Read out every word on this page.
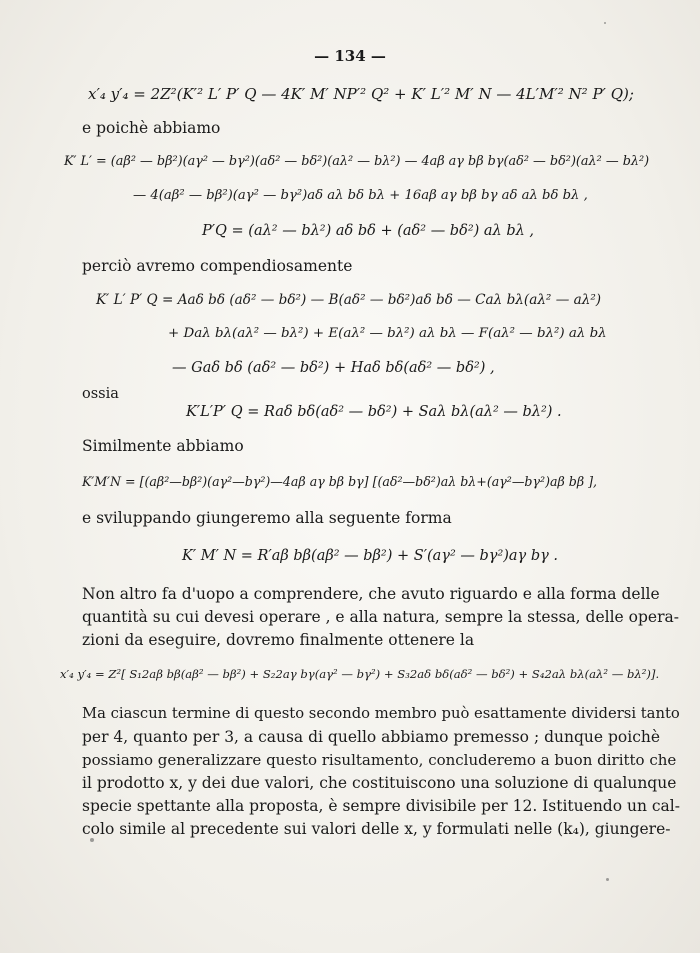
— 134 —
x′₄ y′₄ = 2Z²(K′² L′ P′ Q — 4K′ M′ NP′² Q² + K′ L′² M′ N — 4L′M′² N² P′ Q);
e poichè abbiamo
K′ L′ = (aβ² — bβ²)(aγ² — bγ²)(aδ² — bδ²)(aλ² — bλ²) — 4aβ aγ bβ bγ(aδ² — bδ²)(aλ² — bλ²)
— 4(aβ² — bβ²)(aγ² — bγ²)aδ aλ bδ bλ + 16aβ aγ bβ bγ aδ aλ bδ bλ ,
P′Q = (aλ² — bλ²) aδ bδ + (aδ² — bδ²) aλ bλ ,
perciò avremo compendiosamente
K′ L′ P′ Q = Aaδ bδ (aδ² — bδ²) — B(aδ² — bδ²)aδ bδ — Caλ bλ(aλ² — aλ²)
+ Daλ bλ(aλ² — bλ²) + E(aλ² — bλ²) aλ bλ — F(aλ² — bλ²) aλ bλ
— Gaδ bδ (aδ² — bδ²) + Haδ bδ(aδ² — bδ²) ,
ossia
K′L′P′ Q = Raδ bδ(aδ² — bδ²) + Saλ bλ(aλ² — bλ²) .
Similmente abbiamo
K′M′N = [(aβ²—bβ²)(aγ²—bγ²)—4aβ aγ bβ bγ] [(aδ²—bδ²)aλ bλ+(aγ²—bγ²)aβ bβ ],
e sviluppando giungeremo alla seguente forma
K′ M′ N = R′aβ bβ(aβ² — bβ²) + S′(aγ² — bγ²)aγ bγ .
Non altro fa d'uopo a comprendere, che avuto riguardo e alla forma delle
quantità su cui devesi operare , e alla natura, sempre la stessa, delle opera-
zioni da eseguire, dovremo finalmente ottenere la
x′₄ y′₄ = Z²[ S₁2aβ bβ(aβ² — bβ²) + S₂2aγ bγ(aγ² — bγ²) + S₃2aδ bδ(aδ² — bδ²) + S₄2aλ bλ(aλ² — bλ²)].
Ma ciascun termine di questo secondo membro può esattamente dividersi tanto
per 4, quanto per 3, a causa di quello abbiamo premesso ; dunque poichè
possiamo generalizzare questo risultamento, concluderemo a buon diritto che
il prodotto x, y dei due valori, che costituiscono una soluzione di qualunque
specie spettante alla proposta, è sempre divisibile per 12. Istituendo un cal-
colo simile al precedente sui valori delle x, y formulati nelle (k₄), giungere-
